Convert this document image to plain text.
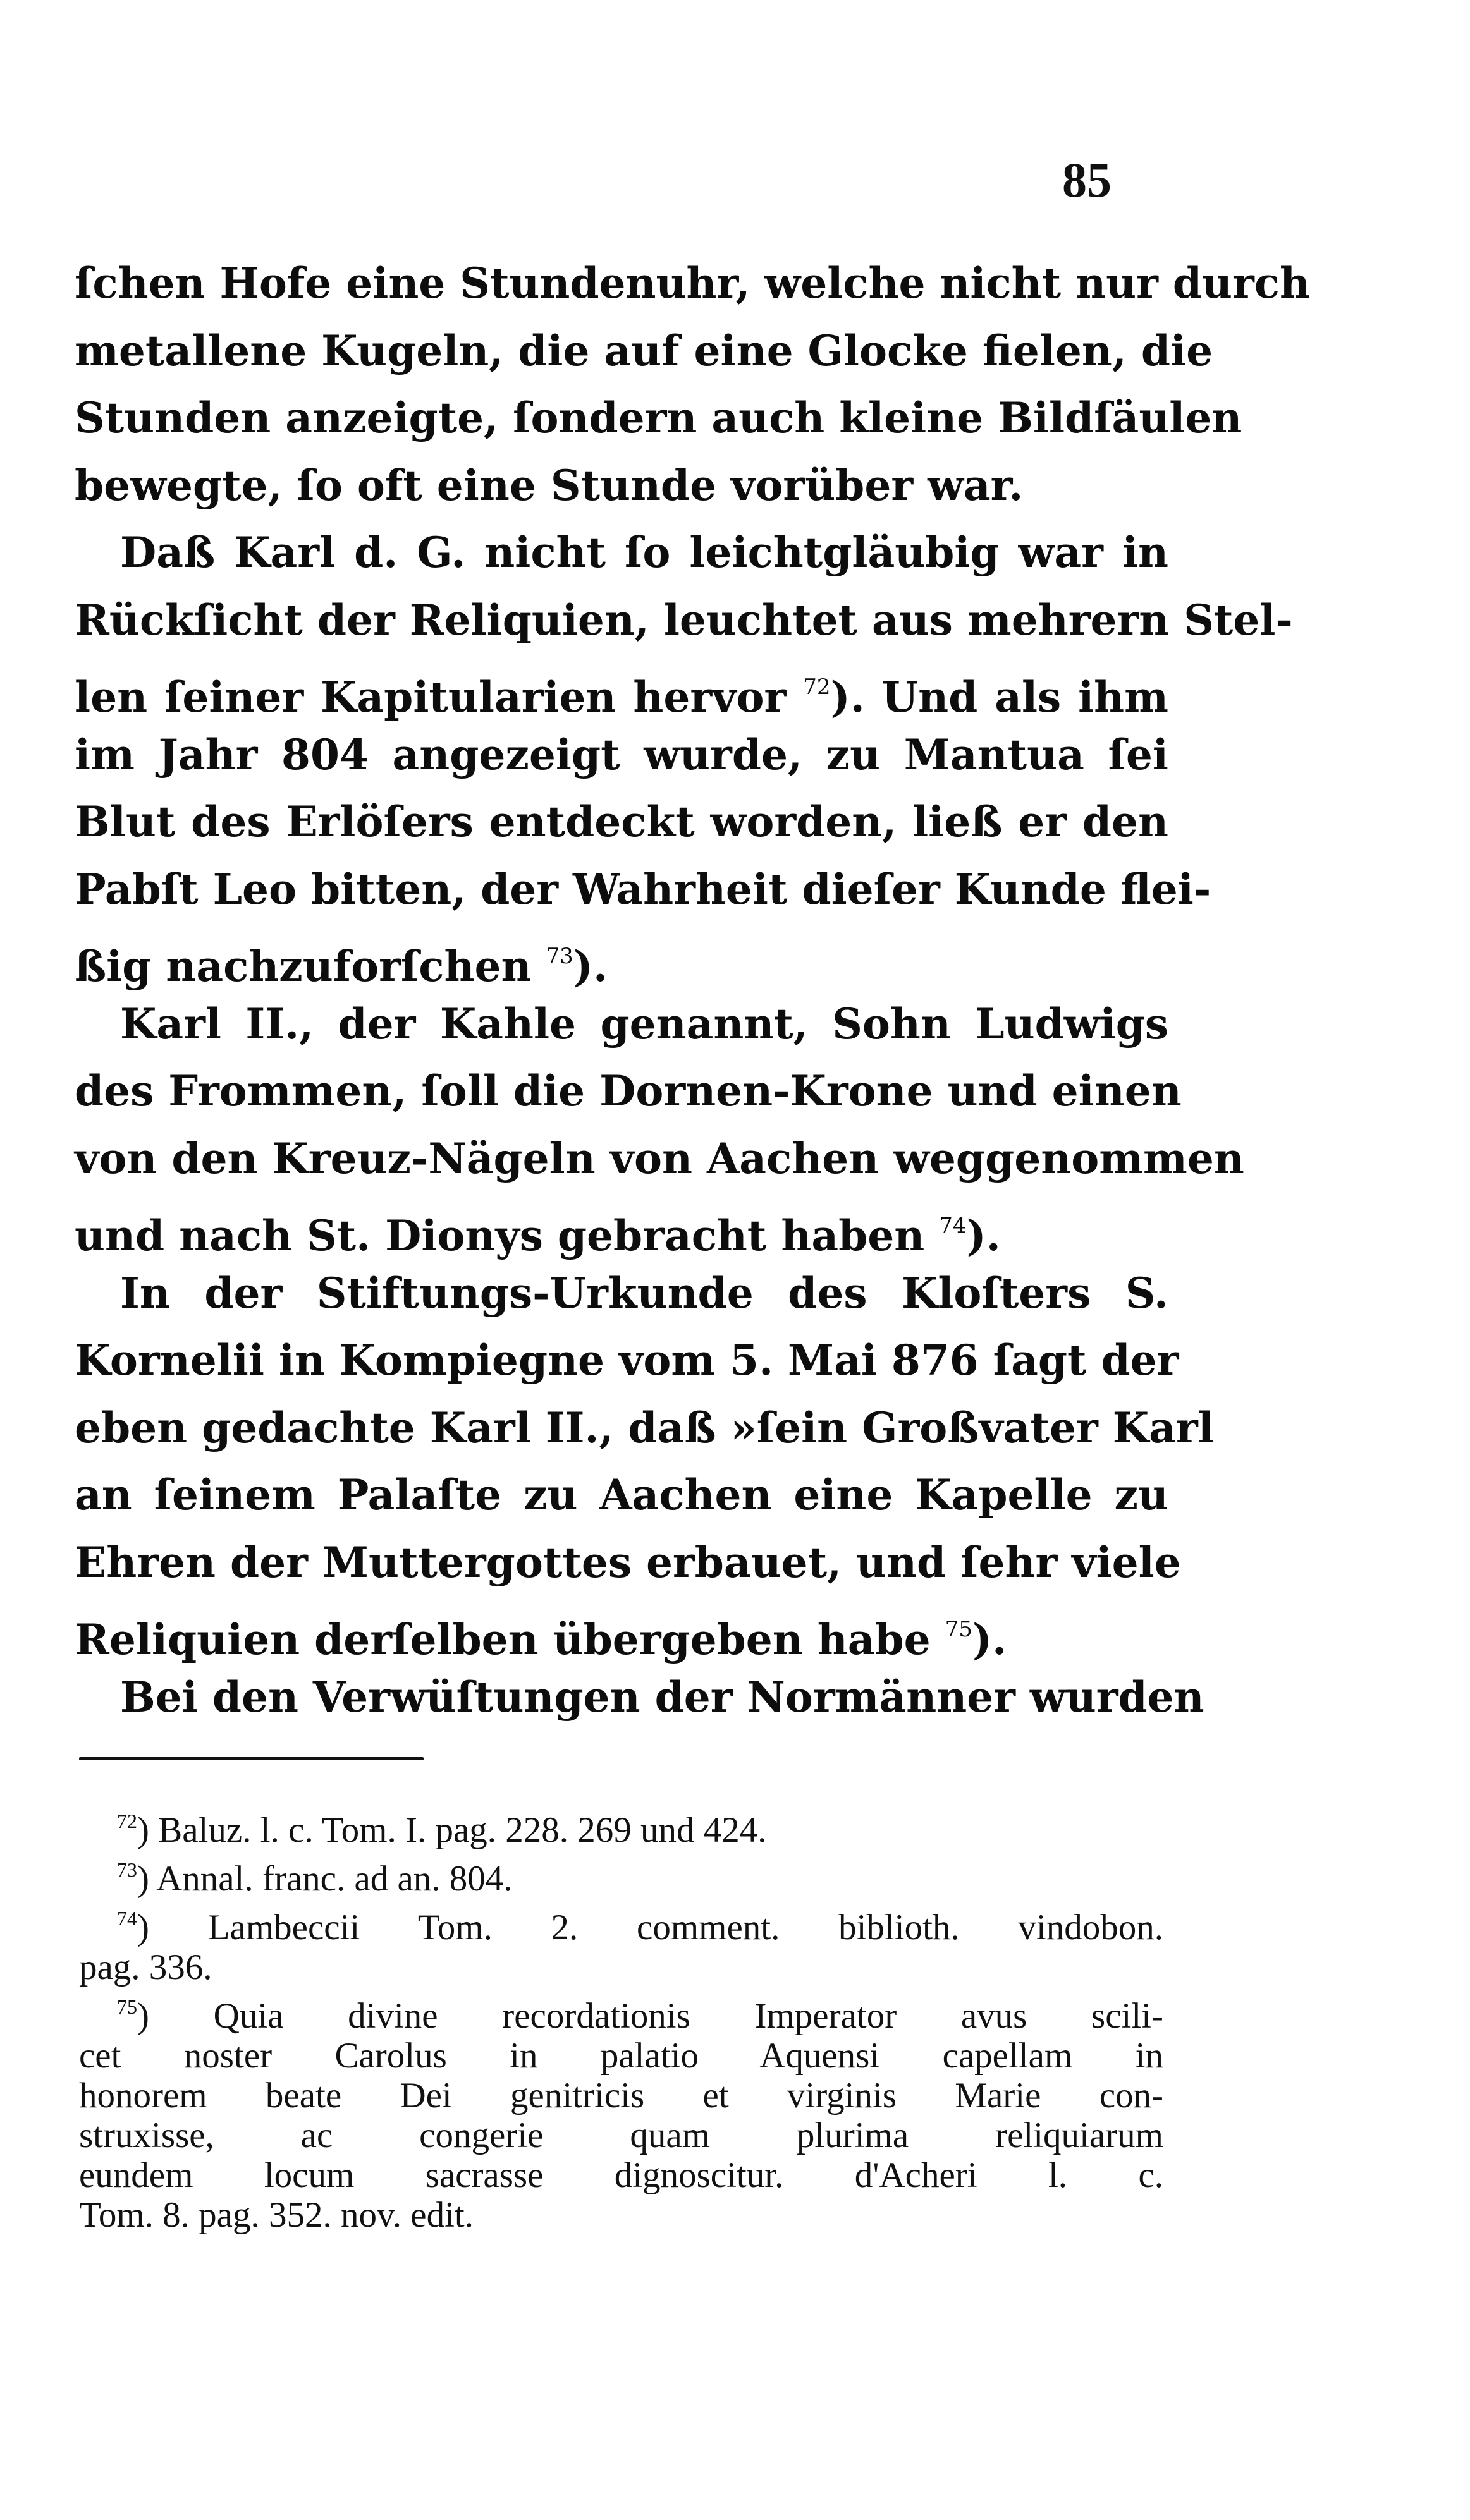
85
ſchen Hofe eine Stundenuhr, welche nicht nur durch
metallene Kugeln, die auf eine Glocke fielen, die
Stunden anzeigte, ſondern auch kleine Bildſäulen
bewegte, ſo oft eine Stunde vorüber war.
Daß Karl d. G. nicht ſo leichtgläubig war in
Rückſicht der Reliquien, leuchtet aus mehrern Stel-
len ſeiner Kapitularien hervor $^{72}$). Und als ihm
im Jahr 804 angezeigt wurde, zu Mantua ſei
Blut des Erlöſers entdeckt worden, ließ er den
Pabſt Leo bitten, der Wahrheit dieſer Kunde flei-
ßig nachzuforſchen $^{73}$).
Karl II., der Kahle genannt, Sohn Ludwigs
des Frommen, ſoll die Dornen-Krone und einen
von den Kreuz-Nägeln von Aachen weggenommen
und nach St. Dionys gebracht haben $^{74}$).
In der Stiftungs-Urkunde des Kloſters S.
Kornelii in Kompiegne vom 5. Mai 876 ſagt der
eben gedachte Karl II., daß »ſein Großvater Karl
an ſeinem Palaſte zu Aachen eine Kapelle zu
Ehren der Muttergottes erbauet, und ſehr viele
Reliquien derſelben übergeben habe $^{75}$).
Bei den Verwüſtungen der Normänner wurden
$^{72}$) Baluz. l. c. Tom. I. pag. 228. 269 und 424.
$^{73}$) Annal. franc. ad an. 804.
$^{74}$) Lambeccii Tom. 2. comment. biblioth. vindobon.
pag. 336.
$^{75}$) Quia divine recordationis Imperator avus scili-
cet noster Carolus in palatio Aquensi capellam in
honorem beate Dei genitricis et virginis Marie con-
struxisse, ac congerie quam plurima reliquiarum
eundem locum sacrasse dignoscitur. d'Acheri l. c.
Tom. 8. pag. 352. nov. edit.
